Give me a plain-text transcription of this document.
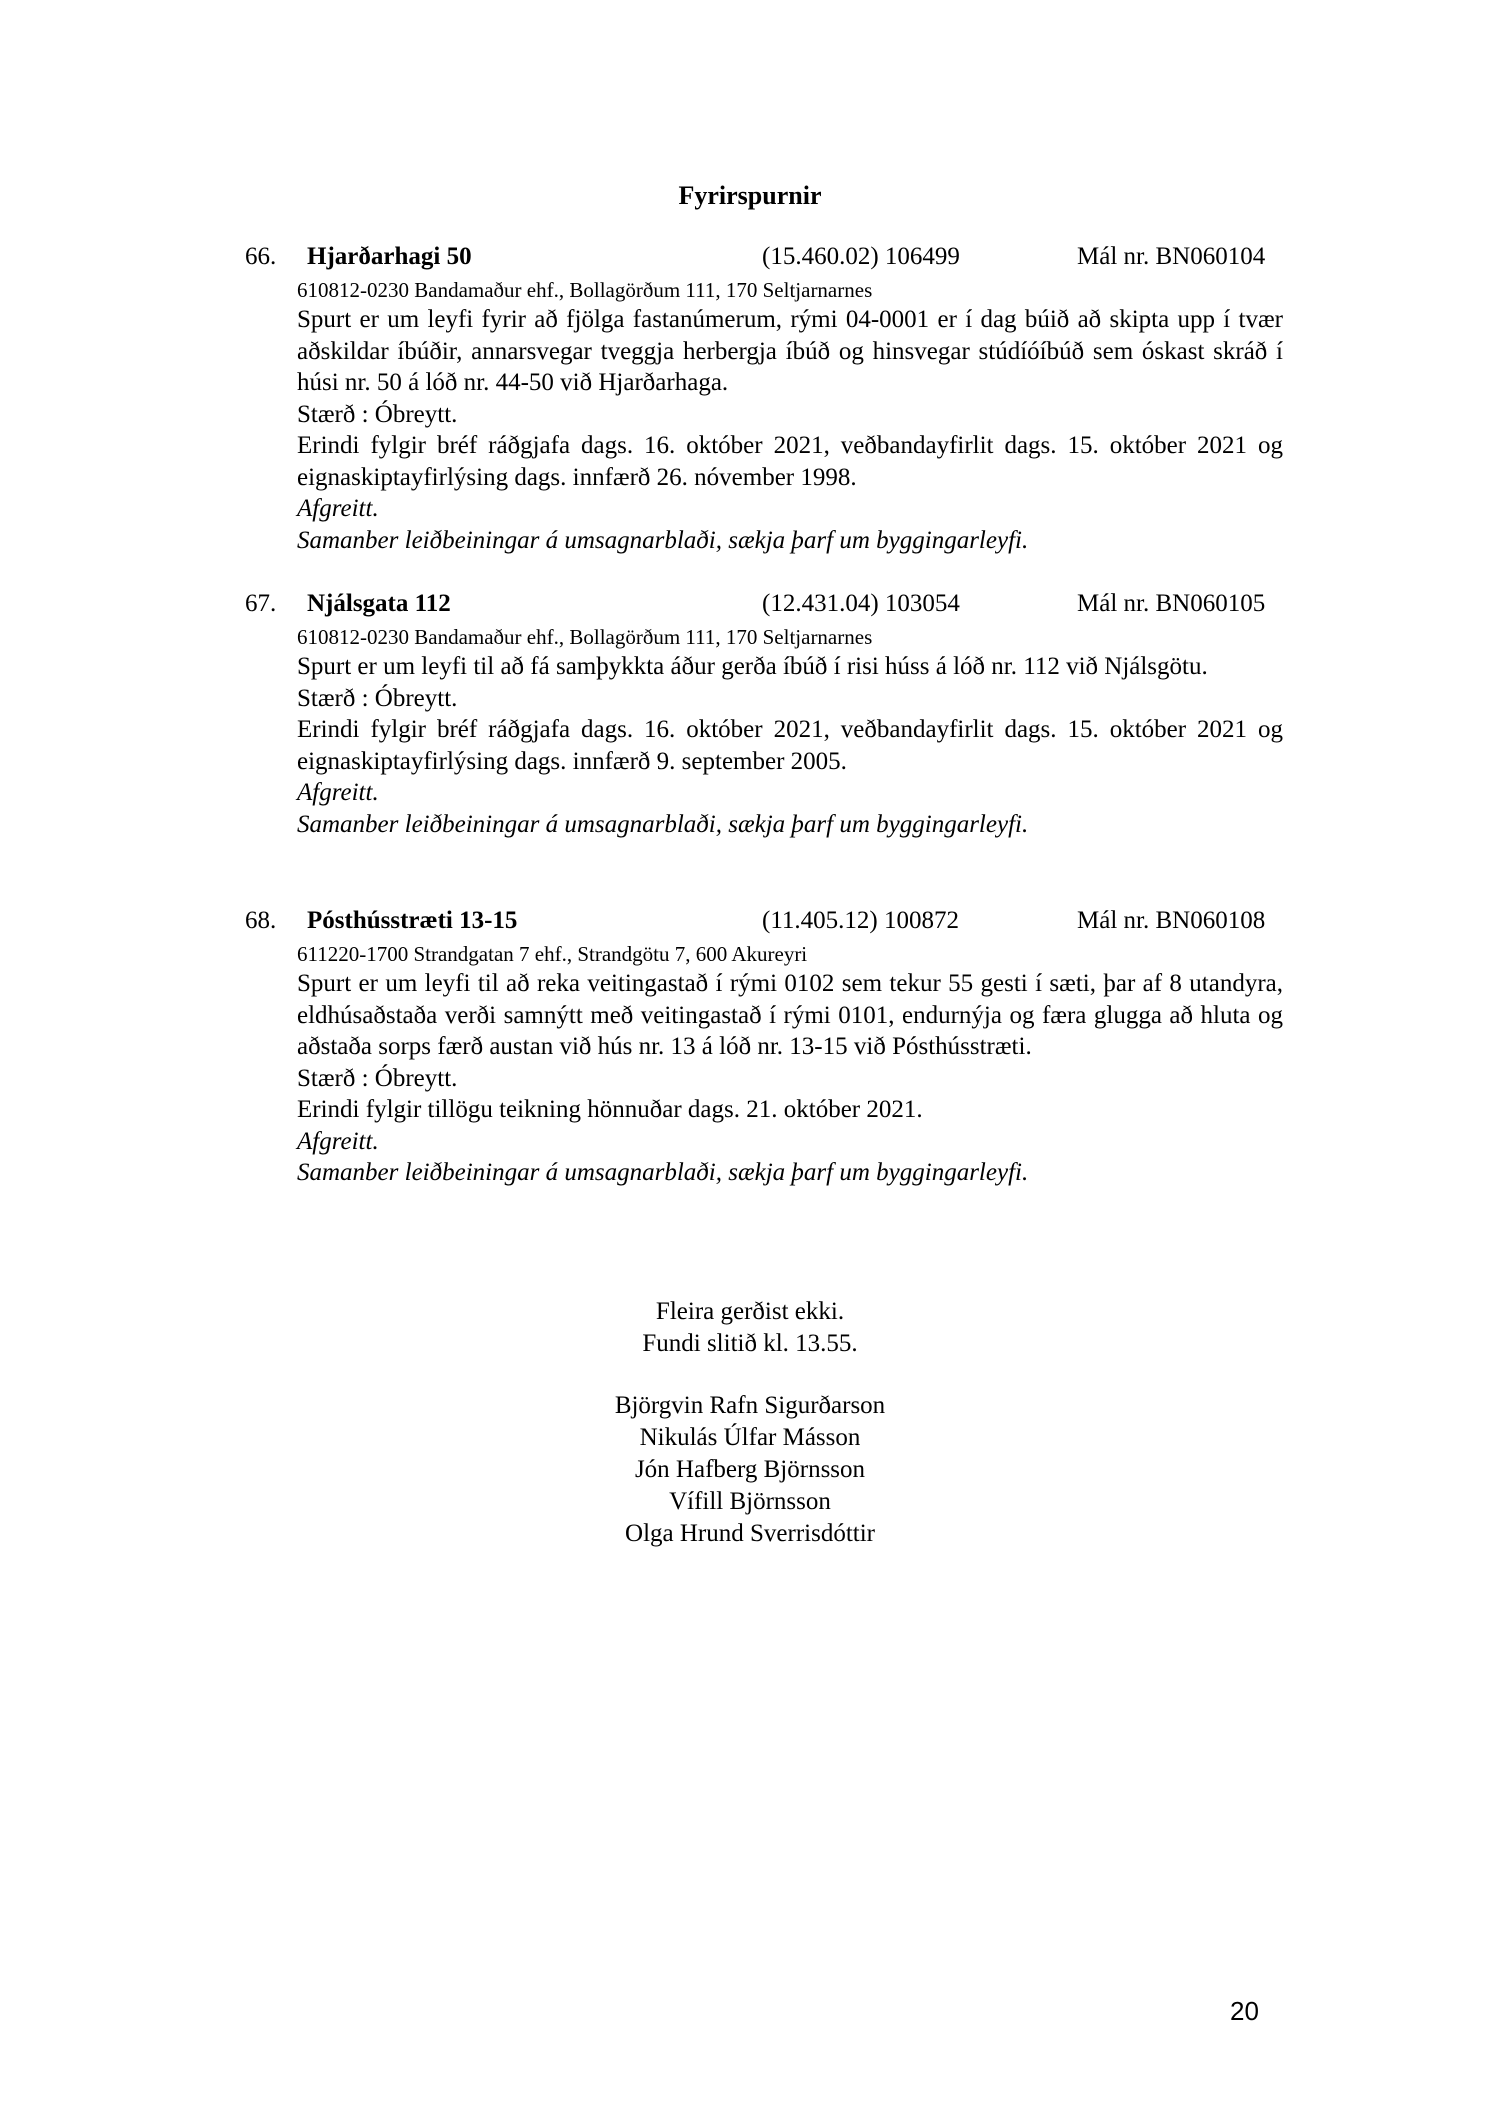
Fyrirspurnir
66. Hjarðarhagi 50	(15.460.02) 106499	Mál nr. BN060104
610812-0230 Bandamaður ehf., Bollagörðum 111, 170 Seltjarnarnes
Spurt er um leyfi fyrir að fjölga fastanúmerum, rými 04-0001 er í dag búið að skipta upp í tvær aðskildar íbúðir, annarsvegar tveggja herbergja íbúð og hinsvegar stúdíóíbúð sem óskast skráð í húsi nr. 50 á lóð nr. 44-50 við Hjarðarhaga.
Stærð : Óbreytt.
Erindi fylgir bréf ráðgjafa dags. 16. október 2021, veðbandayfirlit dags. 15. október 2021 og eignaskiptayfirlýsing dags. innfærð 26. nóvember 1998.
Afgreitt.
Samanber leiðbeiningar á umsagnarblaði, sækja þarf um byggingarleyfi.
67. Njálsgata 112	(12.431.04) 103054	Mál nr. BN060105
610812-0230 Bandamaður ehf., Bollagörðum 111, 170 Seltjarnarnes
Spurt er um leyfi til að fá samþykkta áður gerða íbúð í risi húss á lóð nr. 112 við Njálsgötu.
Stærð : Óbreytt.
Erindi fylgir bréf ráðgjafa dags. 16. október 2021, veðbandayfirlit dags. 15. október 2021 og eignaskiptayfirlýsing dags. innfærð 9. september 2005.
Afgreitt.
Samanber leiðbeiningar á umsagnarblaði, sækja þarf um byggingarleyfi.
68. Pósthússtræti 13-15	(11.405.12) 100872	Mál nr. BN060108
611220-1700 Strandgatan 7 ehf., Strandgötu 7, 600 Akureyri
Spurt er um leyfi til að reka veitingastað í rými 0102 sem tekur 55 gesti í sæti, þar af 8 utandyra, eldhúsaðstaða verði samnýtt með veitingastað í rými 0101, endurnýja og færa glugga að hluta og aðstaða sorps færð austan við hús nr. 13 á lóð nr. 13-15 við Pósthússtræti.
Stærð : Óbreytt.
Erindi fylgir tillögu teikning hönnuðar dags. 21. október 2021.
Afgreitt.
Samanber leiðbeiningar á umsagnarblaði, sækja þarf um byggingarleyfi.
Fleira gerðist ekki.
Fundi slitið kl. 13.55.
Björgvin Rafn Sigurðarson
Nikulás Úlfar Másson
Jón Hafberg Björnsson
Vífill Björnsson
Olga Hrund Sverrisdóttir
20
